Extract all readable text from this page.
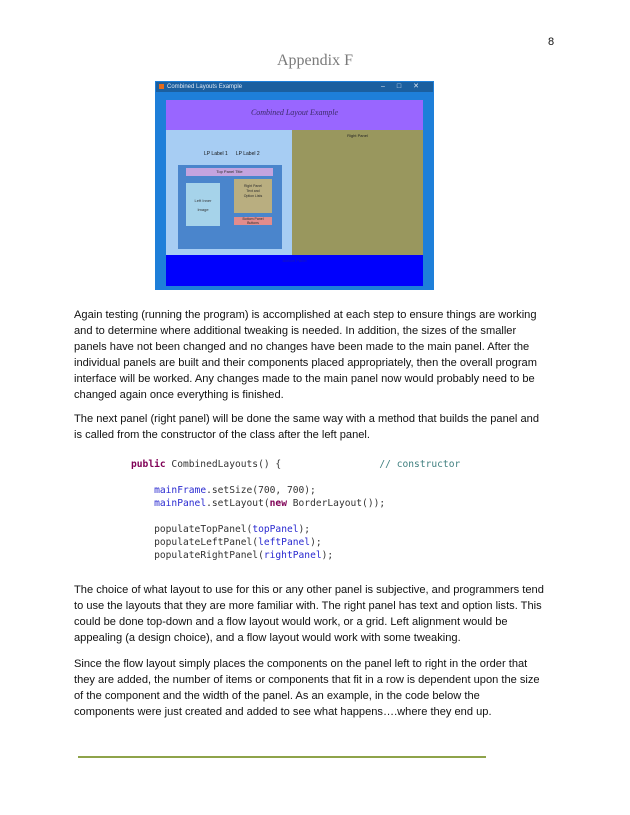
8
Appendix F
Combined Layouts Example	–□✕
Combined Layout Example
LP Label 1 LP Label 2
Top Panel Title
Left Inner
Image
Right Panel
Text and
Option Lists
Bottom Panel
Buttons
Right Panel
Bottom Panel

Again testing (running the program) is accomplished at each step to ensure things are working
and to determine where additional tweaking is needed. In addition, the sizes of the smaller
panels have not been changed and no changes have been made to the main panel. After the
individual panels are built and their components placed appropriately, then the overall program
interface will be worked. Any changes made to the main panel now would probably need to be
changed again once everything is finished.

The next panel (right panel) will be done the same way with a method that builds the panel and
is called from the constructor of the class after the left panel.

public CombinedLayouts() {	// constructor
mainFrame.setSize(700, 700);
mainPanel.setLayout(new BorderLayout());
populateTopPanel(topPanel);
populateLeftPanel(leftPanel);
populateRightPanel(rightPanel);

The choice of what layout to use for this or any other panel is subjective, and programmers tend
to use the layouts that they are more familiar with. The right panel has text and option lists. This
could be done top-down and a flow layout would work, or a grid. Left alignment would be
appealing (a design choice), and a flow layout would work with some tweaking.

Since the flow layout simply places the components on the panel left to right in the order that
they are added, the number of items or components that fit in a row is dependent upon the size
of the component and the width of the panel. As an example, in the code below the
components were just created and added to see what happens….where they end up.
